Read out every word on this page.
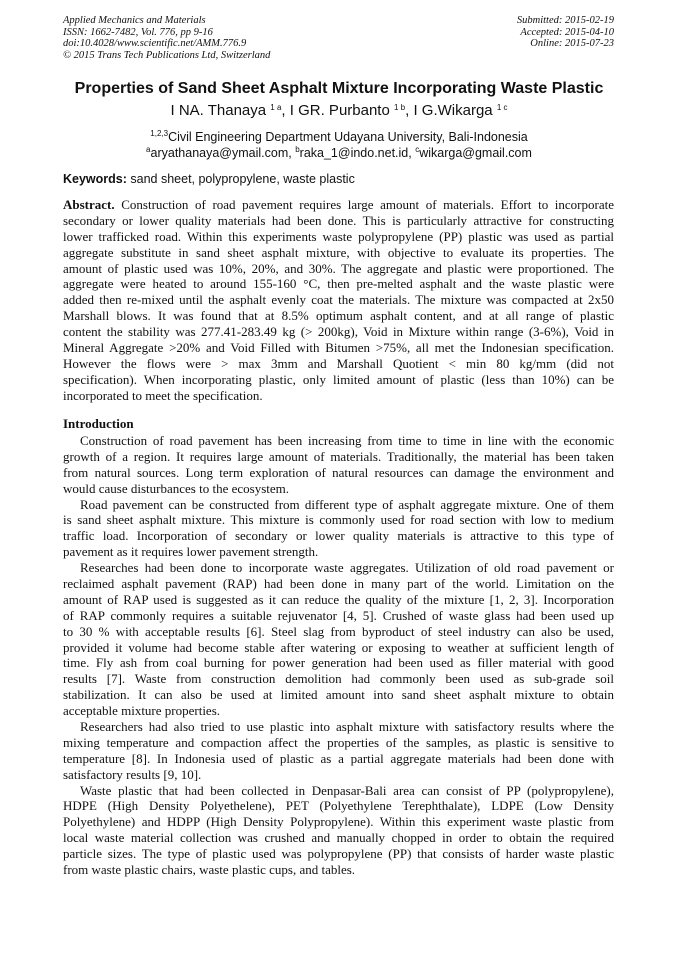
Applied Mechanics and Materials
ISSN: 1662-7482, Vol. 776, pp 9-16
doi:10.4028/www.scientific.net/AMM.776.9
© 2015 Trans Tech Publications Ltd, Switzerland
Submitted: 2015-02-19
Accepted: 2015-04-10
Online: 2015-07-23
Properties of Sand Sheet Asphalt Mixture Incorporating Waste Plastic
I NA. Thanaya $^{1 a}$, I GR. Purbanto $^{1 b}$, I G.Wikarga $^{1 c}$
$^{1,2,3}$Civil Engineering Department Udayana University, Bali-Indonesia
$^a$aryathanaya@ymail.com, $^b$raka_1@indo.net.id, $^c$wikarga@gmail.com
Keywords: sand sheet, polypropylene, waste plastic
Abstract. Construction of road pavement requires large amount of materials. Effort to incorporate
secondary or lower quality materials had been done. This is particularly attractive for constructing
lower trafficked road. Within this experiments waste polypropylene (PP) plastic was used as partial
aggregate substitute in sand sheet asphalt mixture, with objective to evaluate its properties. The
amount of plastic used was 10%, 20%, and 30%. The aggregate and plastic were proportioned. The
aggregate were heated to around 155-160 °C, then pre-melted asphalt and the waste plastic were
added then re-mixed until the asphalt evenly coat the materials. The mixture was compacted at 2x50
Marshall blows. It was found that at 8.5% optimum asphalt content, and at all range of plastic
content the stability was 277.41-283.49 kg (> 200kg), Void in Mixture within range (3-6%), Void in
Mineral Aggregate >20% and Void Filled with Bitumen >75%, all met the Indonesian specification.
However the flows were > max 3mm and Marshall Quotient < min 80 kg/mm (did not
specification). When incorporating plastic, only limited amount of plastic (less than 10%) can be
incorporated to meet the specification.
Introduction
Construction of road pavement has been increasing from time to time in line with the economic
growth of a region. It requires large amount of materials. Traditionally, the material has been taken
from natural sources. Long term exploration of natural resources can damage the environment and
would cause disturbances to the ecosystem.
Road pavement can be constructed from different type of asphalt aggregate mixture. One of them
is sand sheet asphalt mixture. This mixture is commonly used for road section with low to medium
traffic load. Incorporation of secondary or lower quality materials is attractive to this type of
pavement as it requires lower pavement strength.
Researches had been done to incorporate waste aggregates. Utilization of old road pavement or
reclaimed asphalt pavement (RAP) had been done in many part of the world. Limitation on the
amount of RAP used is suggested as it can reduce the quality of the mixture [1, 2, 3]. Incorporation
of RAP commonly requires a suitable rejuvenator [4, 5]. Crushed of waste glass had been used up
to 30 % with acceptable results [6]. Steel slag from byproduct of steel industry can also be used,
provided it volume had become stable after watering or exposing to weather at sufficient length of
time. Fly ash from coal burning for power generation had been used as filler material with good
results [7]. Waste from construction demolition had commonly been used as sub-grade soil
stabilization. It can also be used at limited amount into sand sheet asphalt mixture to obtain
acceptable mixture properties.
Researchers had also tried to use plastic into asphalt mixture with satisfactory results where the
mixing temperature and compaction affect the properties of the samples, as plastic is sensitive to
temperature [8]. In Indonesia used of plastic as a partial aggregate materials had been done with
satisfactory results [9, 10].
Waste plastic that had been collected in Denpasar-Bali area can consist of PP (polypropylene),
HDPE (High Density Polyethelene), PET (Polyethylene Terephthalate), LDPE (Low Density
Polyethylene) and HDPP (High Density Polypropylene). Within this experiment waste plastic from
local waste material collection was crushed and manually chopped in order to obtain the required
particle sizes. The type of plastic used was polypropylene (PP) that consists of harder waste plastic
from waste plastic chairs, waste plastic cups, and tables.
